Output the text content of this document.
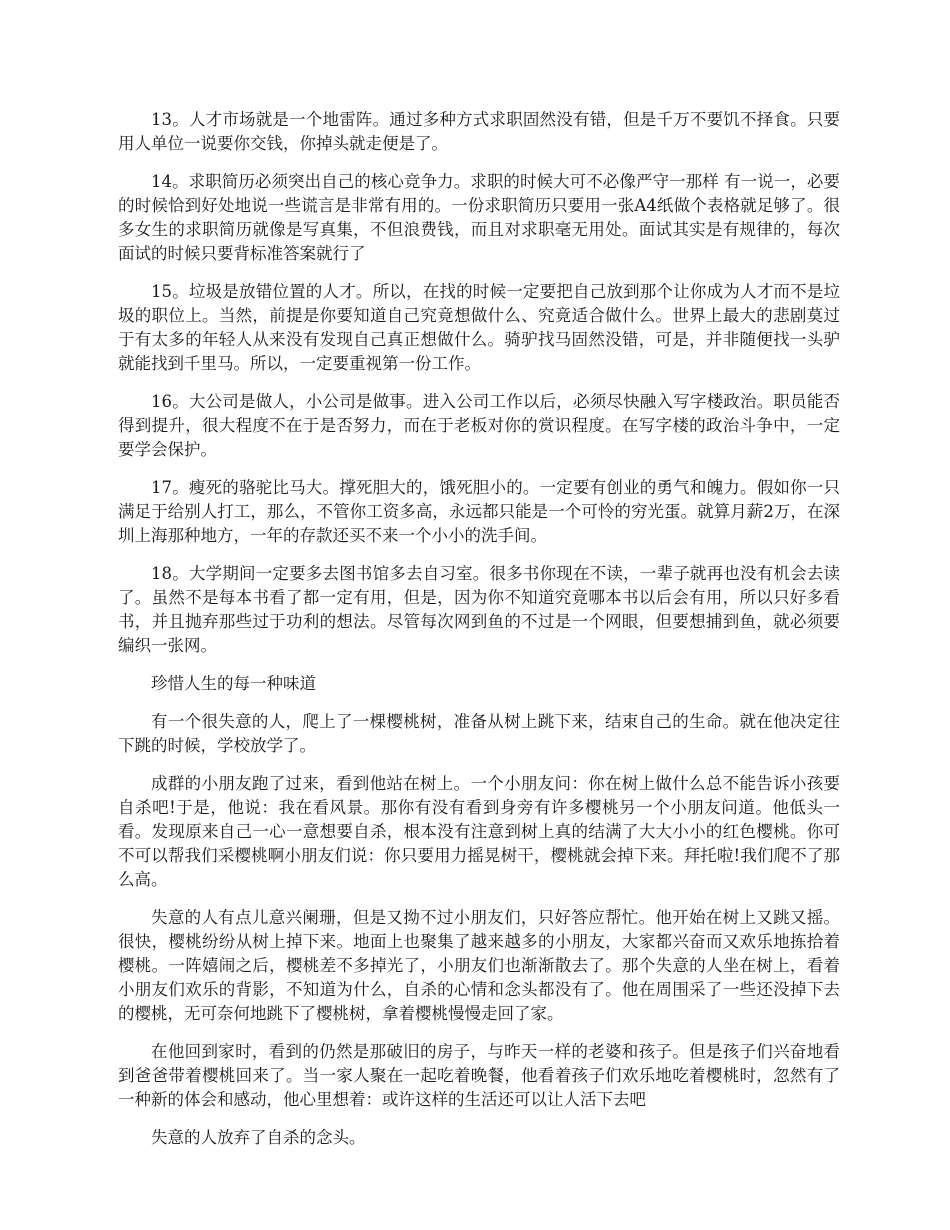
13。人才市场就是一个地雷阵。通过多种方式求职固然没有错，但是千万不要饥不择食。只要用人单位一说要你交钱，你掉头就走便是了。

14。求职简历必须突出自己的核心竞争力。求职的时候大可不必像严守一那样 有一说一，必要的时候恰到好处地说一些谎言是非常有用的。一份求职简历只要用一张A4纸做个表格就足够了。很多女生的求职简历就像是写真集，不但浪费钱，而且对求职毫无用处。面试其实是有规律的，每次面试的时候只要背标准答案就行了

15。垃圾是放错位置的人才。所以，在找的时候一定要把自己放到那个让你成为人才而不是垃圾的职位上。当然，前提是你要知道自己究竟想做什么、究竟适合做什么。世界上最大的悲剧莫过于有太多的年轻人从来没有发现自己真正想做什么。骑驴找马固然没错，可是，并非随便找一头驴就能找到千里马。所以，一定要重视第一份工作。

16。大公司是做人，小公司是做事。进入公司工作以后，必须尽快融入写字楼政治。职员能否得到提升，很大程度不在于是否努力，而在于老板对你的赏识程度。在写字楼的政治斗争中，一定要学会保护。

17。瘦死的骆驼比马大。撑死胆大的，饿死胆小的。一定要有创业的勇气和魄力。假如你一只满足于给别人打工，那么，不管你工资多高，永远都只能是一个可怜的穷光蛋。就算月薪2万，在深圳上海那种地方，一年的存款还买不来一个小小的洗手间。

18。大学期间一定要多去图书馆多去自习室。很多书你现在不读，一辈子就再也没有机会去读了。虽然不是每本书看了都一定有用，但是，因为你不知道究竟哪本书以后会有用，所以只好多看书，并且抛弃那些过于功利的想法。尽管每次网到鱼的不过是一个网眼，但要想捕到鱼，就必须要编织一张网。

珍惜人生的每一种味道

有一个很失意的人，爬上了一棵樱桃树，准备从树上跳下来，结束自己的生命。就在他决定往下跳的时候，学校放学了。

成群的小朋友跑了过来，看到他站在树上。一个小朋友问：你在树上做什么总不能告诉小孩要自杀吧!于是，他说：我在看风景。那你有没有看到身旁有许多樱桃另一个小朋友问道。他低头一看。发现原来自己一心一意想要自杀，根本没有注意到树上真的结满了大大小小的红色樱桃。你可不可以帮我们采樱桃啊小朋友们说：你只要用力摇晃树干，樱桃就会掉下来。拜托啦!我们爬不了那么高。

失意的人有点儿意兴阑珊，但是又拗不过小朋友们，只好答应帮忙。他开始在树上又跳又摇。很快，樱桃纷纷从树上掉下来。地面上也聚集了越来越多的小朋友，大家都兴奋而又欢乐地拣拾着樱桃。一阵嬉闹之后，樱桃差不多掉光了，小朋友们也渐渐散去了。那个失意的人坐在树上，看着小朋友们欢乐的背影，不知道为什么，自杀的心情和念头都没有了。他在周围采了一些还没掉下去的樱桃，无可奈何地跳下了樱桃树，拿着樱桃慢慢走回了家。

在他回到家时，看到的仍然是那破旧的房子，与昨天一样的老婆和孩子。但是孩子们兴奋地看到爸爸带着樱桃回来了。当一家人聚在一起吃着晚餐，他看着孩子们欢乐地吃着樱桃时，忽然有了一种新的体会和感动，他心里想着：或许这样的生活还可以让人活下去吧

失意的人放弃了自杀的念头。
